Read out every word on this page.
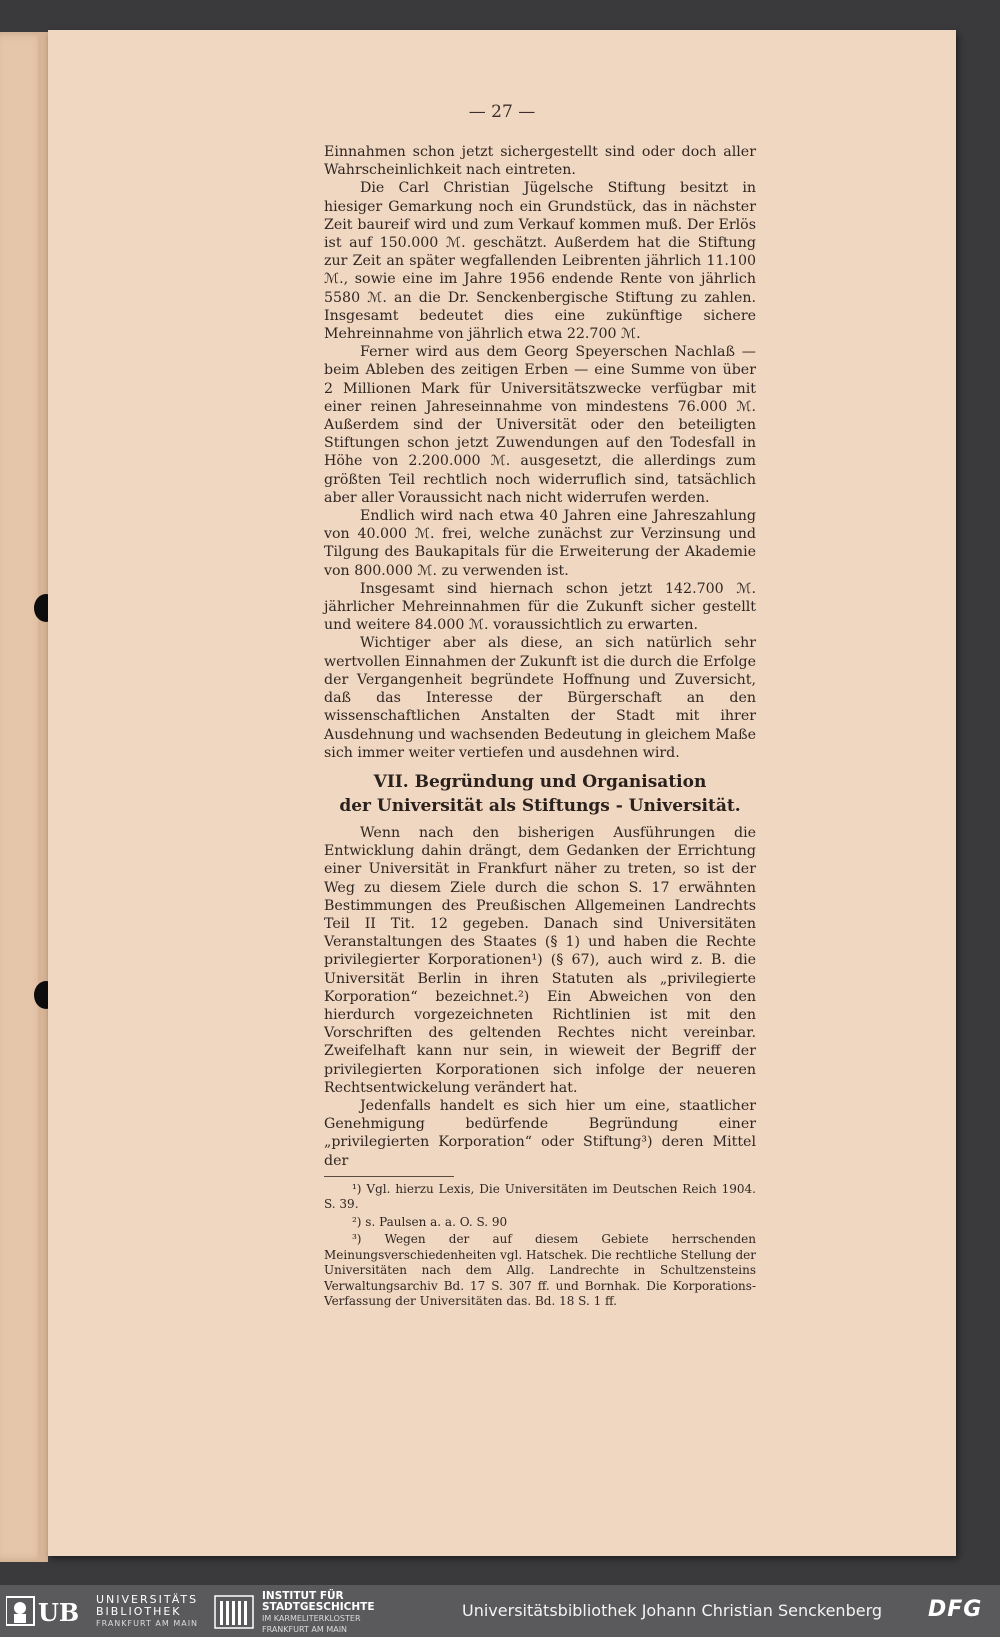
— 27 —

Einnahmen schon jetzt sichergestellt sind oder doch aller Wahrscheinlichkeit nach eintreten.

Die Carl Christian Jügelsche Stiftung besitzt in hiesiger Gemarkung noch ein Grundstück, das in nächster Zeit baureif wird und zum Verkauf kommen muß. Der Erlös ist auf 150.000 ℳ. geschätzt. Außerdem hat die Stiftung zur Zeit an später wegfallenden Leibrenten jährlich 11.100 ℳ., sowie eine im Jahre 1956 endende Rente von jährlich 5580 ℳ. an die Dr. Senckenbergische Stiftung zu zahlen. Insgesamt bedeutet dies eine zukünftige sichere Mehreinnahme von jährlich etwa 22.700 ℳ.

Ferner wird aus dem Georg Speyerschen Nachlaß — beim Ableben des zeitigen Erben — eine Summe von über 2 Millionen Mark für Universitätszwecke verfügbar mit einer reinen Jahreseinnahme von mindestens 76.000 ℳ. Außerdem sind der Universität oder den beteiligten Stiftungen schon jetzt Zuwendungen auf den Todesfall in Höhe von 2.200.000 ℳ. ausgesetzt, die allerdings zum größten Teil rechtlich noch widerruflich sind, tatsächlich aber aller Voraussicht nach nicht widerrufen werden.

Endlich wird nach etwa 40 Jahren eine Jahreszahlung von 40.000 ℳ. frei, welche zunächst zur Verzinsung und Tilgung des Baukapitals für die Erweiterung der Akademie von 800.000 ℳ. zu verwenden ist.

Insgesamt sind hiernach schon jetzt 142.700 ℳ. jährlicher Mehreinnahmen für die Zukunft sicher gestellt und weitere 84.000 ℳ. voraussichtlich zu erwarten.

Wichtiger aber als diese, an sich natürlich sehr wertvollen Einnahmen der Zukunft ist die durch die Erfolge der Vergangenheit begründete Hoffnung und Zuversicht, daß das Interesse der Bürgerschaft an den wissenschaftlichen Anstalten der Stadt mit ihrer Ausdehnung und wachsenden Bedeutung in gleichem Maße sich immer weiter vertiefen und ausdehnen wird.

VII. Begründung und Organisation
der Universität als Stiftungs - Universität.

Wenn nach den bisherigen Ausführungen die Entwicklung dahin drängt, dem Gedanken der Errichtung einer Universität in Frankfurt näher zu treten, so ist der Weg zu diesem Ziele durch die schon S. 17 erwähnten Bestimmungen des Preußischen Allgemeinen Landrechts Teil II Tit. 12 gegeben. Danach sind Universitäten Veranstaltungen des Staates (§ 1) und haben die Rechte privilegierter Korporationen¹) (§ 67), auch wird z. B. die Universität Berlin in ihren Statuten als „privilegierte Korporation“ bezeichnet.²) Ein Abweichen von den hierdurch vorgezeichneten Richtlinien ist mit den Vorschriften des geltenden Rechtes nicht vereinbar. Zweifelhaft kann nur sein, in wieweit der Begriff der privilegierten Korporationen sich infolge der neueren Rechtsentwickelung verändert hat.

Jedenfalls handelt es sich hier um eine, staatlicher Genehmigung bedürfende Begründung einer „privilegierten Korporation“ oder Stiftung³) deren Mittel der

¹) Vgl. hierzu Lexis, Die Universitäten im Deutschen Reich 1904. S. 39.

²) s. Paulsen a. a. O. S. 90

³) Wegen der auf diesem Gebiete herrschenden Meinungsverschiedenheiten vgl. Hatschek. Die rechtliche Stellung der Universitäten nach dem Allg. Landrechte in Schultzensteins Verwaltungsarchiv Bd. 17 S. 307 ff. und Bornhak. Die Korporations-Verfassung der Universitäten das. Bd. 18 S. 1 ff.

UB UNIVERSITÄTS
BIBLIOTHEK
FRANKFURT AM MAIN
INSTITUT FÜR
STADTGESCHICHTE
IM KARMELITERKLOSTER
FRANKFURT AM MAIN
Universitätsbibliothek Johann Christian Senckenberg DFG
